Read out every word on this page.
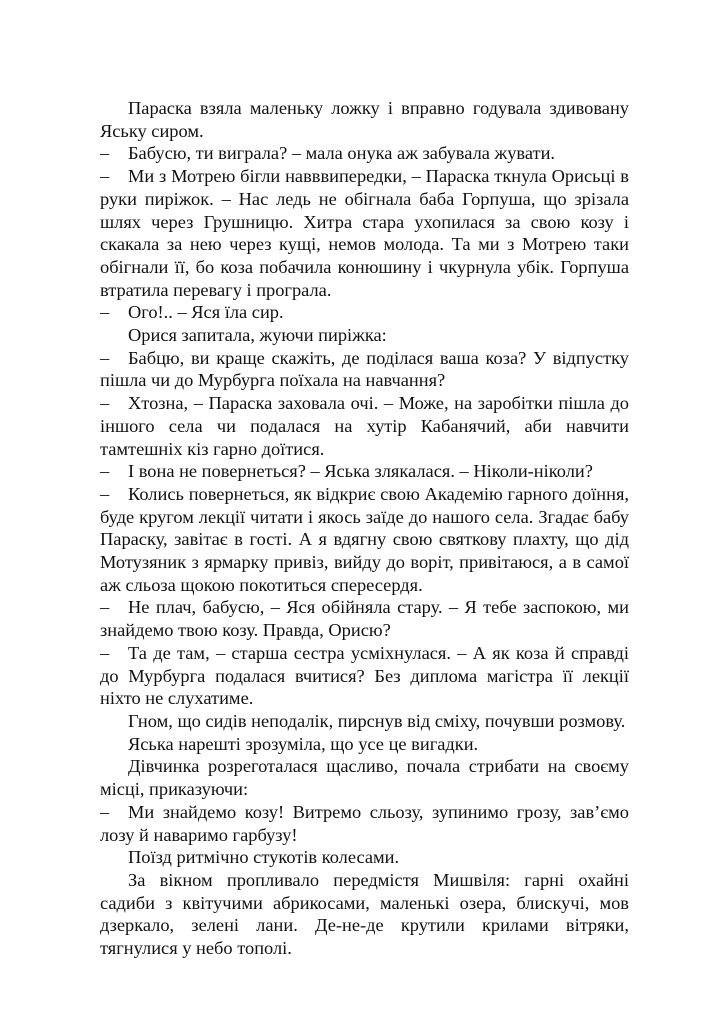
Параска взяла маленьку ложку і вправно годувала здивовану Яську сиром.

– Бабусю, ти виграла? – мала онука аж забувала жувати.

– Ми з Мотрею бігли навввипередки, – Параска ткнула Орисьці в руки пиріжок. – Нас ледь не обігнала баба Горпуша, що зрізала шлях через Грушницю. Хитра стара ухопилася за свою козу і скакала за нею через кущі, немов молода. Та ми з Мотрею таки обігнали її, бо коза побачила конюшину і чкурнула убік. Горпуша втратила перевагу і програла.

– Ого!.. – Яся їла сир.

Орися запитала, жуючи пиріжка:

– Бабцю, ви краще скажіть, де поділася ваша коза? У відпустку пішла чи до Мурбурга поїхала на навчання?

– Хтозна, – Параска заховала очі. – Може, на заробітки пішла до іншого села чи подалася на хутір Кабанячий, аби навчити тамтешніх кіз гарно доїтися.

– І вона не повернеться? – Яська злякалася. – Ніколи-ніколи?

– Колись повернеться, як відкриє свою Академію гарного доїння, буде кругом лекції читати і якось заїде до нашого села. Згадає бабу Параску, завітає в гості. А я вдягну свою святкову плахту, що дід Мотузяник з ярмарку привіз, вийду до воріт, привітаюся, а в самої аж сльоза щокою покотиться спересердя.

– Не плач, бабусю, – Яся обійняла стару. – Я тебе заспокою, ми знайдемо твою козу. Правда, Орисю?

– Та де там, – старша сестра усміхнулася. – А як коза й справді до Мурбурга подалася вчитися? Без диплома магістра її лекції ніхто не слухатиме.

Гном, що сидів неподалік, пирснув від сміху, почувши розмову.

Яська нарешті зрозуміла, що усе це вигадки.

Дівчинка розреготалася щасливо, почала стрибати на своєму місці, приказуючи:

– Ми знайдемо козу! Витремо сльозу, зупинимо грозу, зав’ємо лозу й наваримо гарбузу!

Поїзд ритмічно стукотів колесами.

За вікном пропливало передмістя Мишвіля: гарні охайні садиби з квітучими абрикосами, маленькі озера, блискучі, мов дзеркало, зелені лани. Де-не-де крутили крилами вітряки, тягнулися у небо тополі.
